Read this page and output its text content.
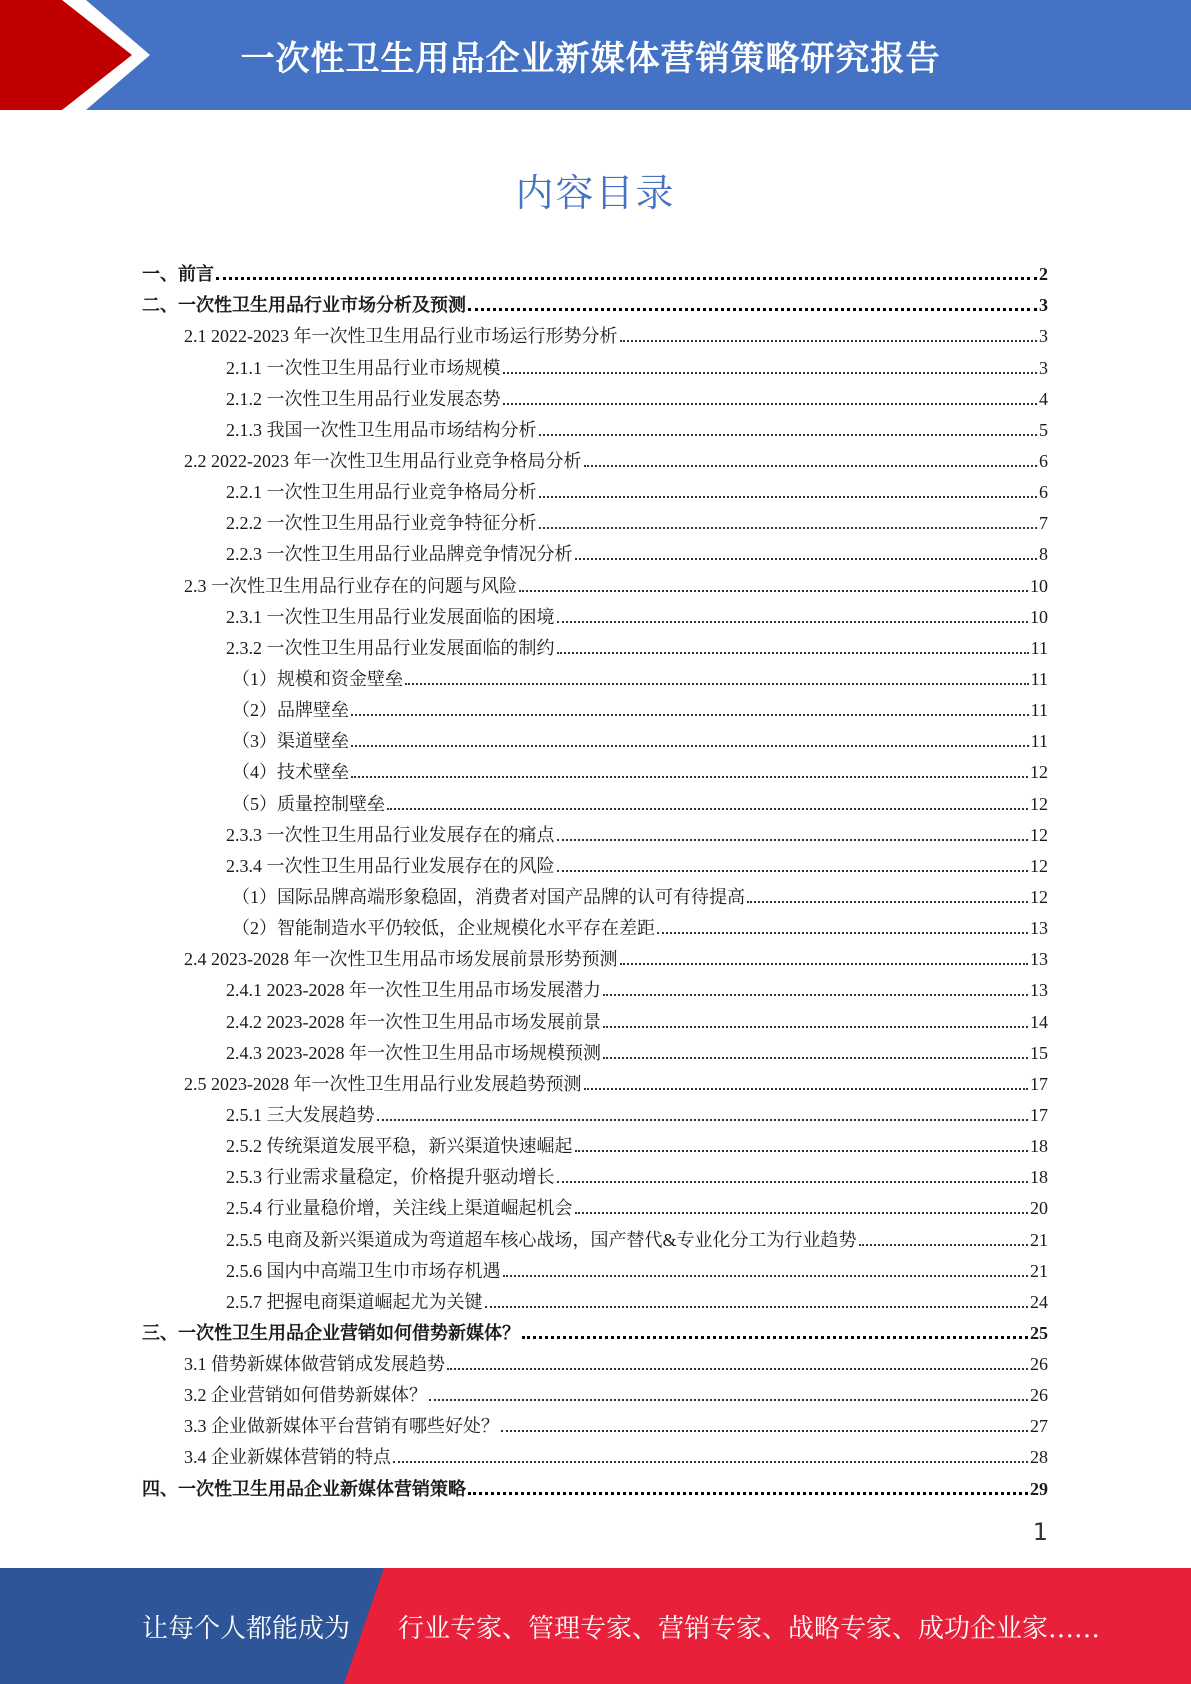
一次性卫生用品企业新媒体营销策略研究报告
内容目录
一、前言	2
二、一次性卫生用品行业市场分析及预测	3
2.1 2022-2023 年一次性卫生用品行业市场运行形势分析	3
2.1.1 一次性卫生用品行业市场规模	3
2.1.2 一次性卫生用品行业发展态势	4
2.1.3 我国一次性卫生用品市场结构分析	5
2.2 2022-2023 年一次性卫生用品行业竞争格局分析	6
2.2.1 一次性卫生用品行业竞争格局分析	6
2.2.2 一次性卫生用品行业竞争特征分析	7
2.2.3 一次性卫生用品行业品牌竞争情况分析	8
2.3 一次性卫生用品行业存在的问题与风险	10
2.3.1 一次性卫生用品行业发展面临的困境	10
2.3.2 一次性卫生用品行业发展面临的制约	11
（1）规模和资金壁垒	11
（2）品牌壁垒	11
（3）渠道壁垒	11
（4）技术壁垒	12
（5）质量控制壁垒	12
2.3.3 一次性卫生用品行业发展存在的痛点	12
2.3.4 一次性卫生用品行业发展存在的风险	12
（1）国际品牌高端形象稳固，消费者对国产品牌的认可有待提高	12
（2）智能制造水平仍较低，企业规模化水平存在差距	13
2.4 2023-2028 年一次性卫生用品市场发展前景形势预测	13
2.4.1 2023-2028 年一次性卫生用品市场发展潜力	13
2.4.2 2023-2028 年一次性卫生用品市场发展前景	14
2.4.3 2023-2028 年一次性卫生用品市场规模预测	15
2.5 2023-2028 年一次性卫生用品行业发展趋势预测	17
2.5.1 三大发展趋势	17
2.5.2 传统渠道发展平稳，新兴渠道快速崛起	18
2.5.3 行业需求量稳定，价格提升驱动增长	18
2.5.4 行业量稳价增，关注线上渠道崛起机会	20
2.5.5 电商及新兴渠道成为弯道超车核心战场，国产替代&专业化分工为行业趋势	21
2.5.6 国内中高端卫生巾市场存机遇	21
2.5.7 把握电商渠道崛起尤为关键	24
三、一次性卫生用品企业营销如何借势新媒体？	25
3.1 借势新媒体做营销成发展趋势	26
3.2 企业营销如何借势新媒体？	26
3.3 企业做新媒体平台营销有哪些好处？	27
3.4 企业新媒体营销的特点	28
四、一次性卫生用品企业新媒体营销策略	29
1
让每个人都能成为 行业专家、管理专家、营销专家、战略专家、成功企业家……
